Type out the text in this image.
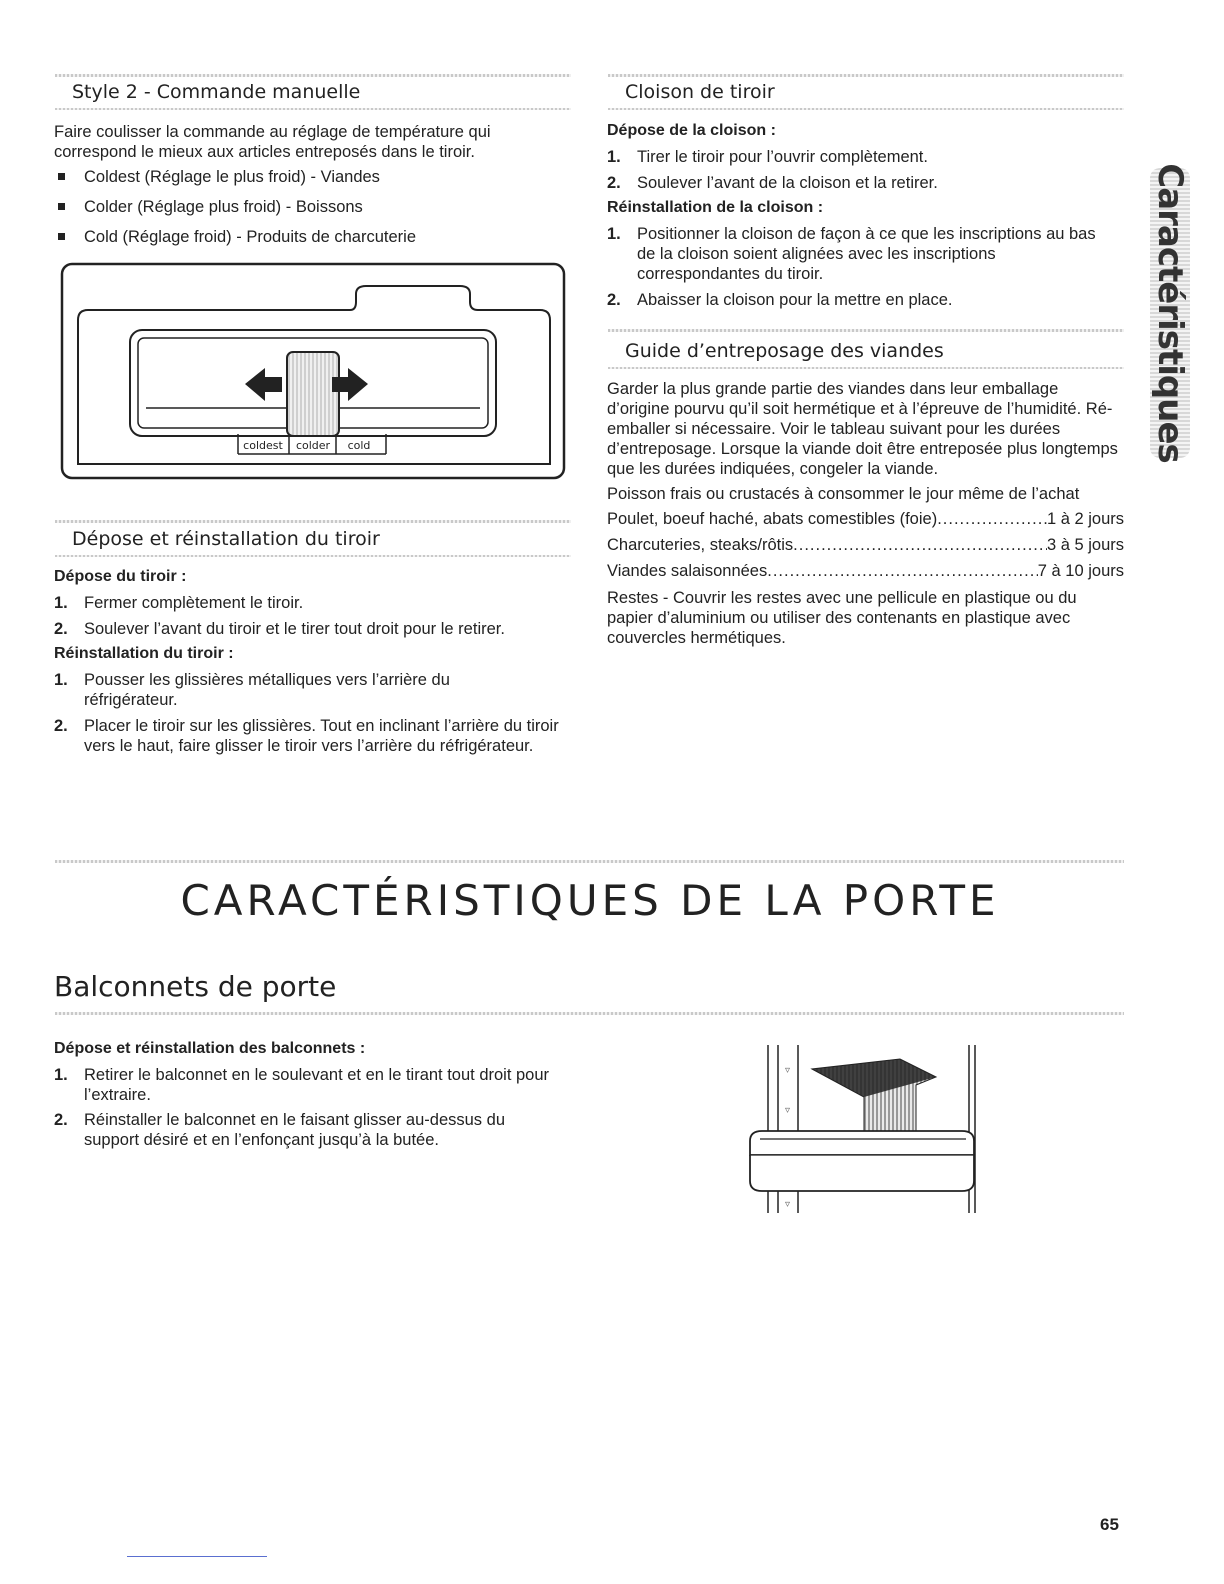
Style 2 - Commande manuelle
Faire coulisser la commande au réglage de température qui correspond le mieux aux articles entreposés dans le tiroir.
Coldest (Réglage le plus froid) - Viandes
Colder (Réglage plus froid) - Boissons
Cold (Réglage froid) - Produits de charcuterie
coldest colder cold
Dépose et réinstallation du tiroir
Dépose du tiroir :
1. Fermer complètement le tiroir.
2. Soulever l’avant du tiroir et le tirer tout droit pour le retirer.
Réinstallation du tiroir :
1. Pousser les glissières métalliques vers l’arrière du réfrigérateur.
2. Placer le tiroir sur les glissières. Tout en inclinant l’arrière du tiroir vers le haut, faire glisser le tiroir vers l’arrière du réfrigérateur.
Cloison de tiroir
Dépose de la cloison :
1. Tirer le tiroir pour l’ouvrir complètement.
2. Soulever l’avant de la cloison et la retirer.
Réinstallation de la cloison :
1. Positionner la cloison de façon à ce que les inscriptions au bas de la cloison soient alignées avec les inscriptions correspondantes du tiroir.
2. Abaisser la cloison pour la mettre en place.
Guide d’entreposage des viandes
Garder la plus grande partie des viandes dans leur emballage d’origine pourvu qu’il soit hermétique et à l’épreuve de l’humidité. Ré-emballer si nécessaire. Voir le tableau suivant pour les durées d’entreposage. Lorsque la viande doit être entreposée plus longtemps que les durées indiquées, congeler la viande.
Poisson frais ou crustacés à consommer le jour même de l’achat
Poulet, boeuf haché, abats comestibles (foie) .....	1 à 2 jours
Charcuteries, steaks/rôtis .....	3 à 5 jours
Viandes salaisonnées .....	7 à 10 jours
Restes - Couvrir les restes avec une pellicule en plastique ou du papier d’aluminium ou utiliser des contenants en plastique avec couvercles hermétiques.
Caractéristiques
CARACTÉRISTIQUES DE LA PORTE
Balconnets de porte
Dépose et réinstallation des balconnets :
1. Retirer le balconnet en le soulevant et en le tirant tout droit pour l’extraire.
2. Réinstaller le balconnet en le faisant glisser au-dessus du support désiré et en l’enfonçant jusqu’à la butée.
▿
▿
▿
65
